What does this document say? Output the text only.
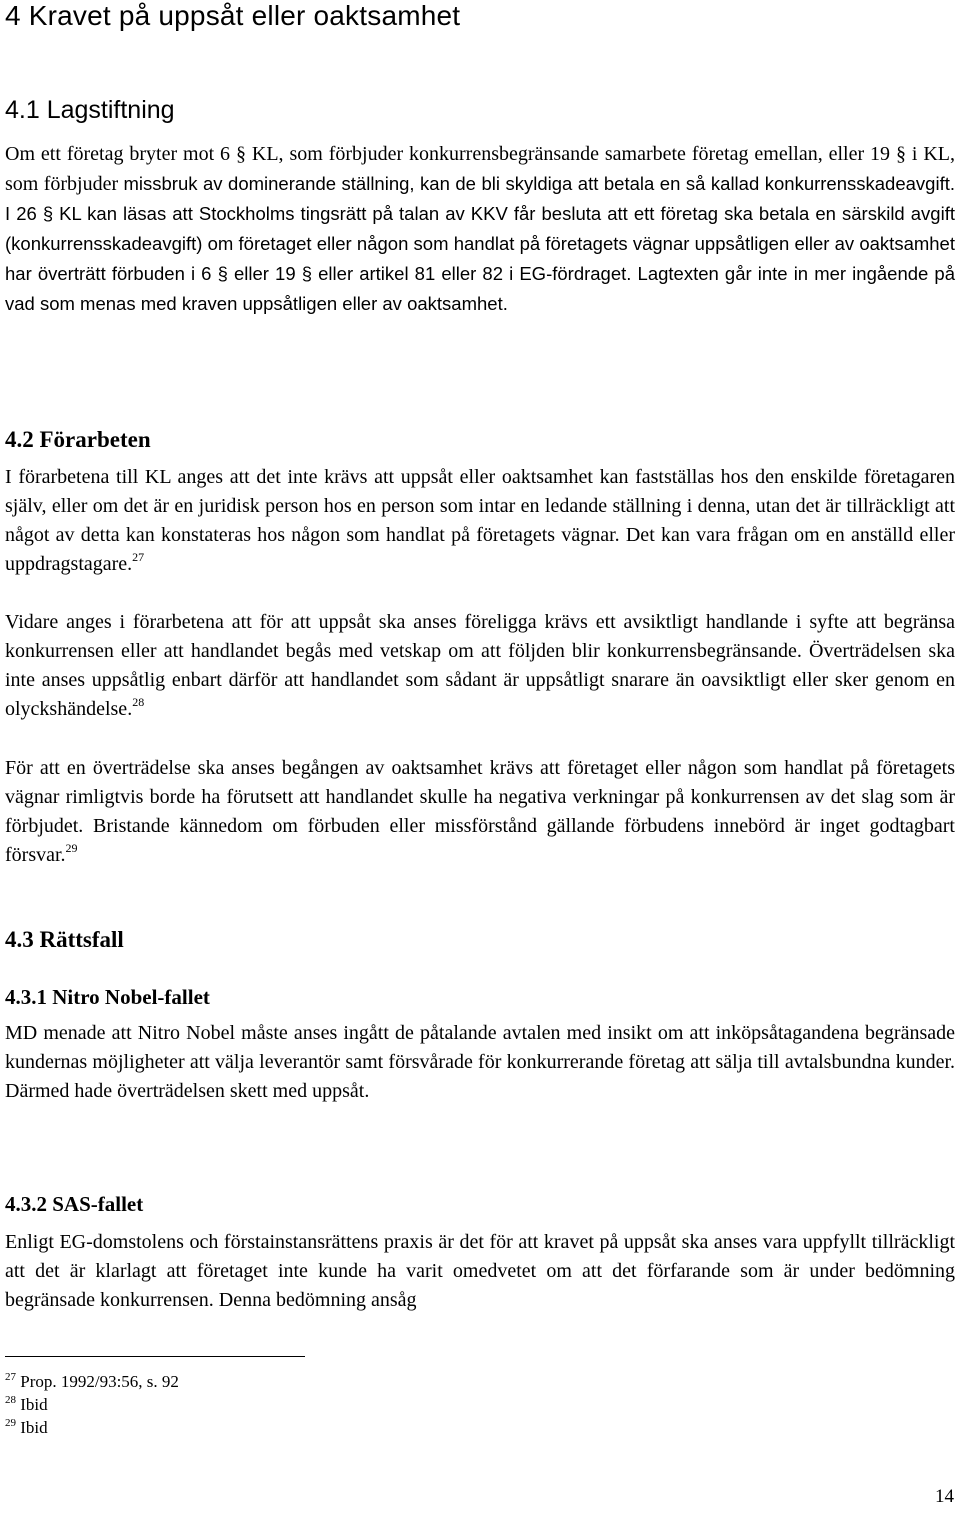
4 Kravet på uppsåt eller oaktsamhet
4.1 Lagstiftning
Om ett företag bryter mot 6 § KL, som förbjuder konkurrensbegränsande samarbete företag emellan, eller 19 § i KL, som förbjuder missbruk av dominerande ställning, kan de bli skyldiga att betala en så kallad konkurrensskadeavgift. I 26 § KL kan läsas att Stockholms tingsrätt på talan av KKV får besluta att ett företag ska betala en särskild avgift (konkurrensskadeavgift) om företaget eller någon som handlat på företagets vägnar uppsåtligen eller av oaktsamhet har överträtt förbuden i 6 § eller 19 § eller artikel 81 eller 82 i EG-fördraget. Lagtexten går inte in mer ingående på vad som menas med kraven uppsåtligen eller av oaktsamhet.
4.2 Förarbeten
I förarbetena till KL anges att det inte krävs att uppsåt eller oaktsamhet kan fastställas hos den enskilde företagaren själv, eller om det är en juridisk person hos en person som intar en ledande ställning i denna, utan det är tillräckligt att något av detta kan konstateras hos någon som handlat på företagets vägnar. Det kan vara frågan om en anställd eller uppdragstagare.$^{27}$
Vidare anges i förarbetena att för att uppsåt ska anses föreligga krävs ett avsiktligt handlande i syfte att begränsa konkurrensen eller att handlandet begås med vetskap om att följden blir konkurrensbegränsande. Överträdelsen ska inte anses uppsåtlig enbart därför att handlandet som sådant är uppsåtligt snarare än oavsiktligt eller sker genom en olyckshändelse.$^{28}$
För att en överträdelse ska anses begången av oaktsamhet krävs att företaget eller någon som handlat på företagets vägnar rimligtvis borde ha förutsett att handlandet skulle ha negativa verkningar på konkurrensen av det slag som är förbjudet. Bristande kännedom om förbuden eller missförstånd gällande förbudens innebörd är inget godtagbart försvar.$^{29}$
4.3 Rättsfall
4.3.1 Nitro Nobel-fallet
MD menade att Nitro Nobel måste anses ingått de påtalande avtalen med insikt om att inköpsåtagandena begränsade kundernas möjligheter att välja leverantör samt försvårade för konkurrerande företag att sälja till avtalsbundna kunder. Därmed hade överträdelsen skett med uppsåt.
4.3.2 SAS-fallet
Enligt EG-domstolens och förstainstansrättens praxis är det för att kravet på uppsåt ska anses vara uppfyllt tillräckligt att det är klarlagt att företaget inte kunde ha varit omedvetet om att det förfarande som är under bedömning begränsade konkurrensen. Denna bedömning ansåg
$^{27}$ Prop. 1992/93:56, s. 92
$^{28}$ Ibid
$^{29}$ Ibid
14
